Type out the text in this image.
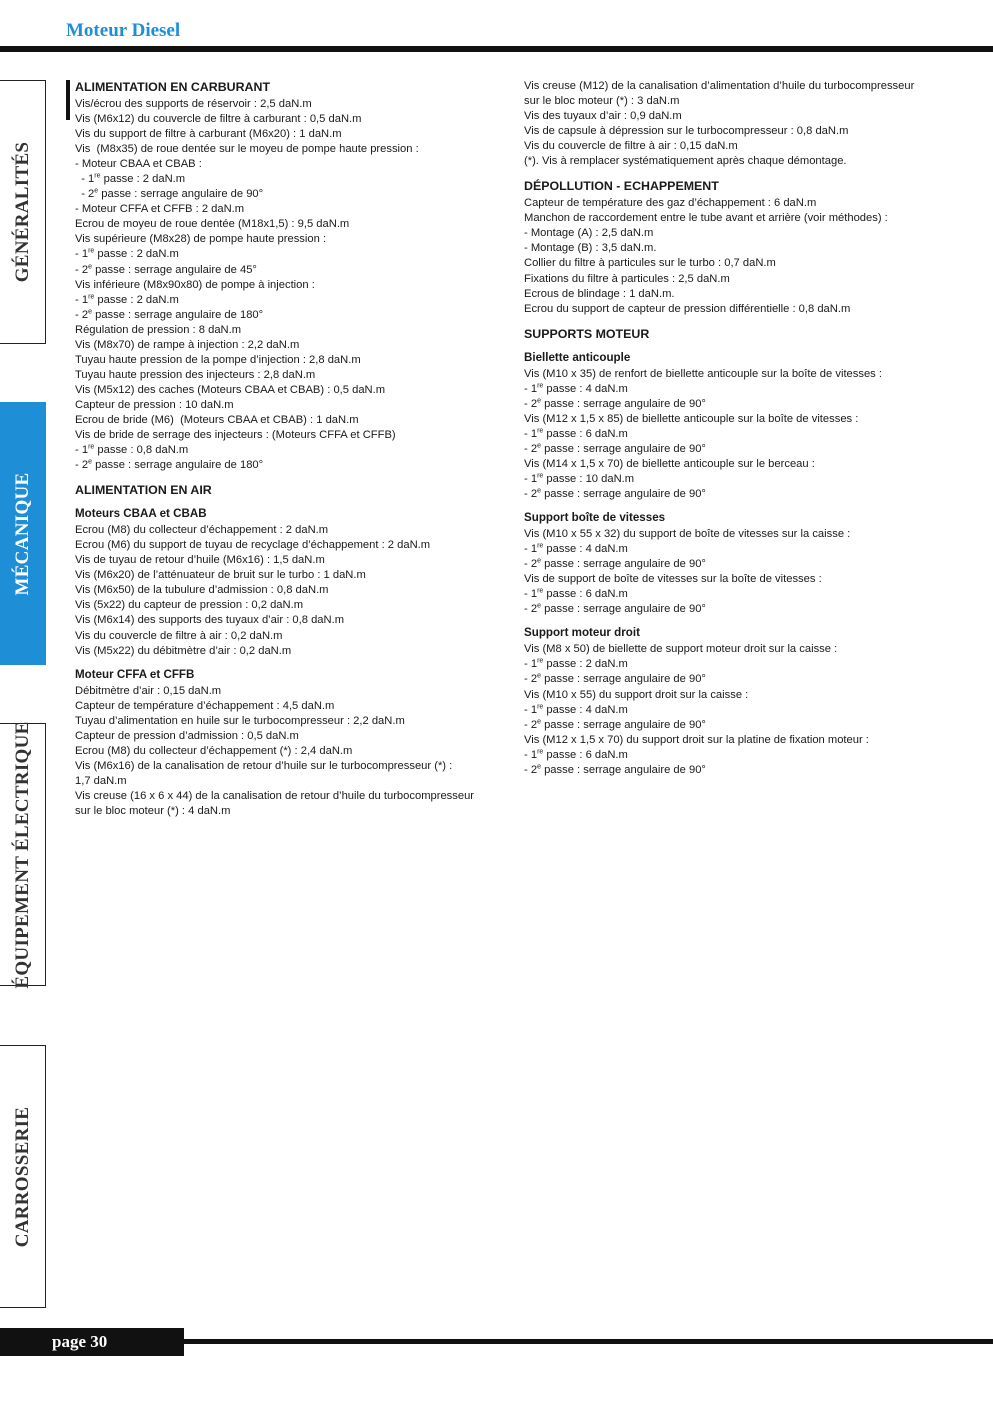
Moteur Diesel
GÉNÉRALITÉS
MÉCANIQUE
ÉQUIPEMENT ÉLECTRIQUE
CARROSSERIE
ALIMENTATION EN CARBURANT
Vis/écrou des supports de réservoir : 2,5 daN.m
Vis (M6x12) du couvercle de filtre à carburant : 0,5 daN.m
Vis du support de filtre à carburant (M6x20) : 1 daN.m
Vis  (M8x35) de roue dentée sur le moyeu de pompe haute pression :
- Moteur CBAA et CBAB :
- 1re passe : 2 daN.m
- 2e passe : serrage angulaire de 90°
- Moteur CFFA et CFFB : 2 daN.m
Ecrou de moyeu de roue dentée (M18x1,5) : 9,5 daN.m
Vis supérieure (M8x28) de pompe haute pression :
- 1re passe : 2 daN.m
- 2e passe : serrage angulaire de 45°
Vis inférieure (M8x90x80) de pompe à injection :
- 1re passe : 2 daN.m
- 2e passe : serrage angulaire de 180°
Régulation de pression : 8 daN.m
Vis (M8x70) de rampe à injection : 2,2 daN.m
Tuyau haute pression de la pompe d’injection : 2,8 daN.m
Tuyau haute pression des injecteurs : 2,8 daN.m
Vis (M5x12) des caches (Moteurs CBAA et CBAB) : 0,5 daN.m
Capteur de pression : 10 daN.m
Ecrou de bride (M6)  (Moteurs CBAA et CBAB) : 1 daN.m
Vis de bride de serrage des injecteurs : (Moteurs CFFA et CFFB)
- 1re passe : 0,8 daN.m
- 2e passe : serrage angulaire de 180°
ALIMENTATION EN AIR
Moteurs CBAA et CBAB
Ecrou (M8) du collecteur d’échappement : 2 daN.m
Ecrou (M6) du support de tuyau de recyclage d’échappement : 2 daN.m
Vis de tuyau de retour d’huile (M6x16) : 1,5 daN.m
Vis (M6x20) de l’atténuateur de bruit sur le turbo : 1 daN.m
Vis (M6x50) de la tubulure d’admission : 0,8 daN.m
Vis (5x22) du capteur de pression : 0,2 daN.m
Vis (M6x14) des supports des tuyaux d’air : 0,8 daN.m
Vis du couvercle de filtre à air : 0,2 daN.m
Vis (M5x22) du débitmètre d’air : 0,2 daN.m
Moteur CFFA et CFFB
Débitmètre d’air : 0,15 daN.m
Capteur de température d’échappement : 4,5 daN.m
Tuyau d’alimentation en huile sur le turbocompresseur : 2,2 daN.m
Capteur de pression d’admission : 0,5 daN.m
Ecrou (M8) du collecteur d’échappement (*) : 2,4 daN.m
Vis (M6x16) de la canalisation de retour d’huile sur le turbocompresseur (*) :
1,7 daN.m
Vis creuse (16 x 6 x 44) de la canalisation de retour d’huile du turbocompresseur
sur le bloc moteur (*) : 4 daN.m
Vis creuse (M12) de la canalisation d’alimentation d’huile du turbocompresseur
sur le bloc moteur (*) : 3 daN.m
Vis des tuyaux d’air : 0,9 daN.m
Vis de capsule à dépression sur le turbocompresseur : 0,8 daN.m
Vis du couvercle de filtre à air : 0,15 daN.m
(*). Vis à remplacer systématiquement après chaque démontage.
DÉPOLLUTION - ECHAPPEMENT
Capteur de température des gaz d’échappement : 6 daN.m
Manchon de raccordement entre le tube avant et arrière (voir méthodes) :
- Montage (A) : 2,5 daN.m
- Montage (B) : 3,5 daN.m.
Collier du filtre à particules sur le turbo : 0,7 daN.m
Fixations du filtre à particules : 2,5 daN.m
Ecrous de blindage : 1 daN.m.
Ecrou du support de capteur de pression différentielle : 0,8 daN.m
SUPPORTS MOTEUR
Biellette anticouple
Vis (M10 x 35) de renfort de biellette anticouple sur la boîte de vitesses :
- 1re passe : 4 daN.m
- 2e passe : serrage angulaire de 90°
Vis (M12 x 1,5 x 85) de biellette anticouple sur la boîte de vitesses :
- 1re passe : 6 daN.m
- 2e passe : serrage angulaire de 90°
Vis (M14 x 1,5 x 70) de biellette anticouple sur le berceau :
- 1re passe : 10 daN.m
- 2e passe : serrage angulaire de 90°
Support boîte de vitesses
Vis (M10 x 55 x 32) du support de boîte de vitesses sur la caisse :
- 1re passe : 4 daN.m
- 2e passe : serrage angulaire de 90°
Vis de support de boîte de vitesses sur la boîte de vitesses :
- 1re passe : 6 daN.m
- 2e passe : serrage angulaire de 90°
Support moteur droit
Vis (M8 x 50) de biellette de support moteur droit sur la caisse :
- 1re passe : 2 daN.m
- 2e passe : serrage angulaire de 90°
Vis (M10 x 55) du support droit sur la caisse :
- 1re passe : 4 daN.m
- 2e passe : serrage angulaire de 90°
Vis (M12 x 1,5 x 70) du support droit sur la platine de fixation moteur :
- 1re passe : 6 daN.m
- 2e passe : serrage angulaire de 90°
page 30
